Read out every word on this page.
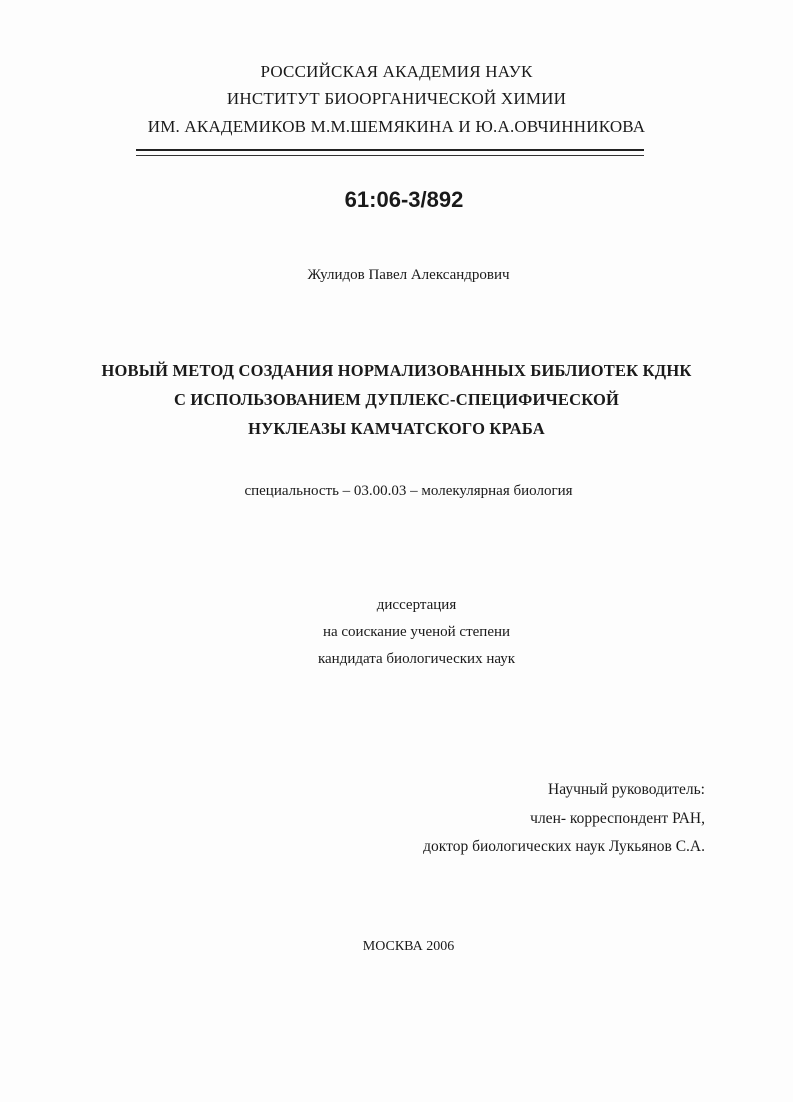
РОССИЙСКАЯ АКАДЕМИЯ НАУК
ИНСТИТУТ БИООРГАНИЧЕСКОЙ ХИМИИ
ИМ. АКАДЕМИКОВ М.М.ШЕМЯКИНА И Ю.А.ОВЧИННИКОВА
61:06-3/892
Жулидов Павел Александрович
НОВЫЙ МЕТОД СОЗДАНИЯ НОРМАЛИЗОВАННЫХ БИБЛИОТЕК КДНК
С ИСПОЛЬЗОВАНИЕМ ДУПЛЕКС-СПЕЦИФИЧЕСКОЙ
НУКЛЕАЗЫ КАМЧАТСКОГО КРАБА
специальность – 03.00.03 – молекулярная биология
диссертация
на соискание ученой степени
кандидата биологических наук
Научный руководитель:
член- корреспондент РАН,
доктор биологических наук Лукьянов С.А.
МОСКВА 2006
